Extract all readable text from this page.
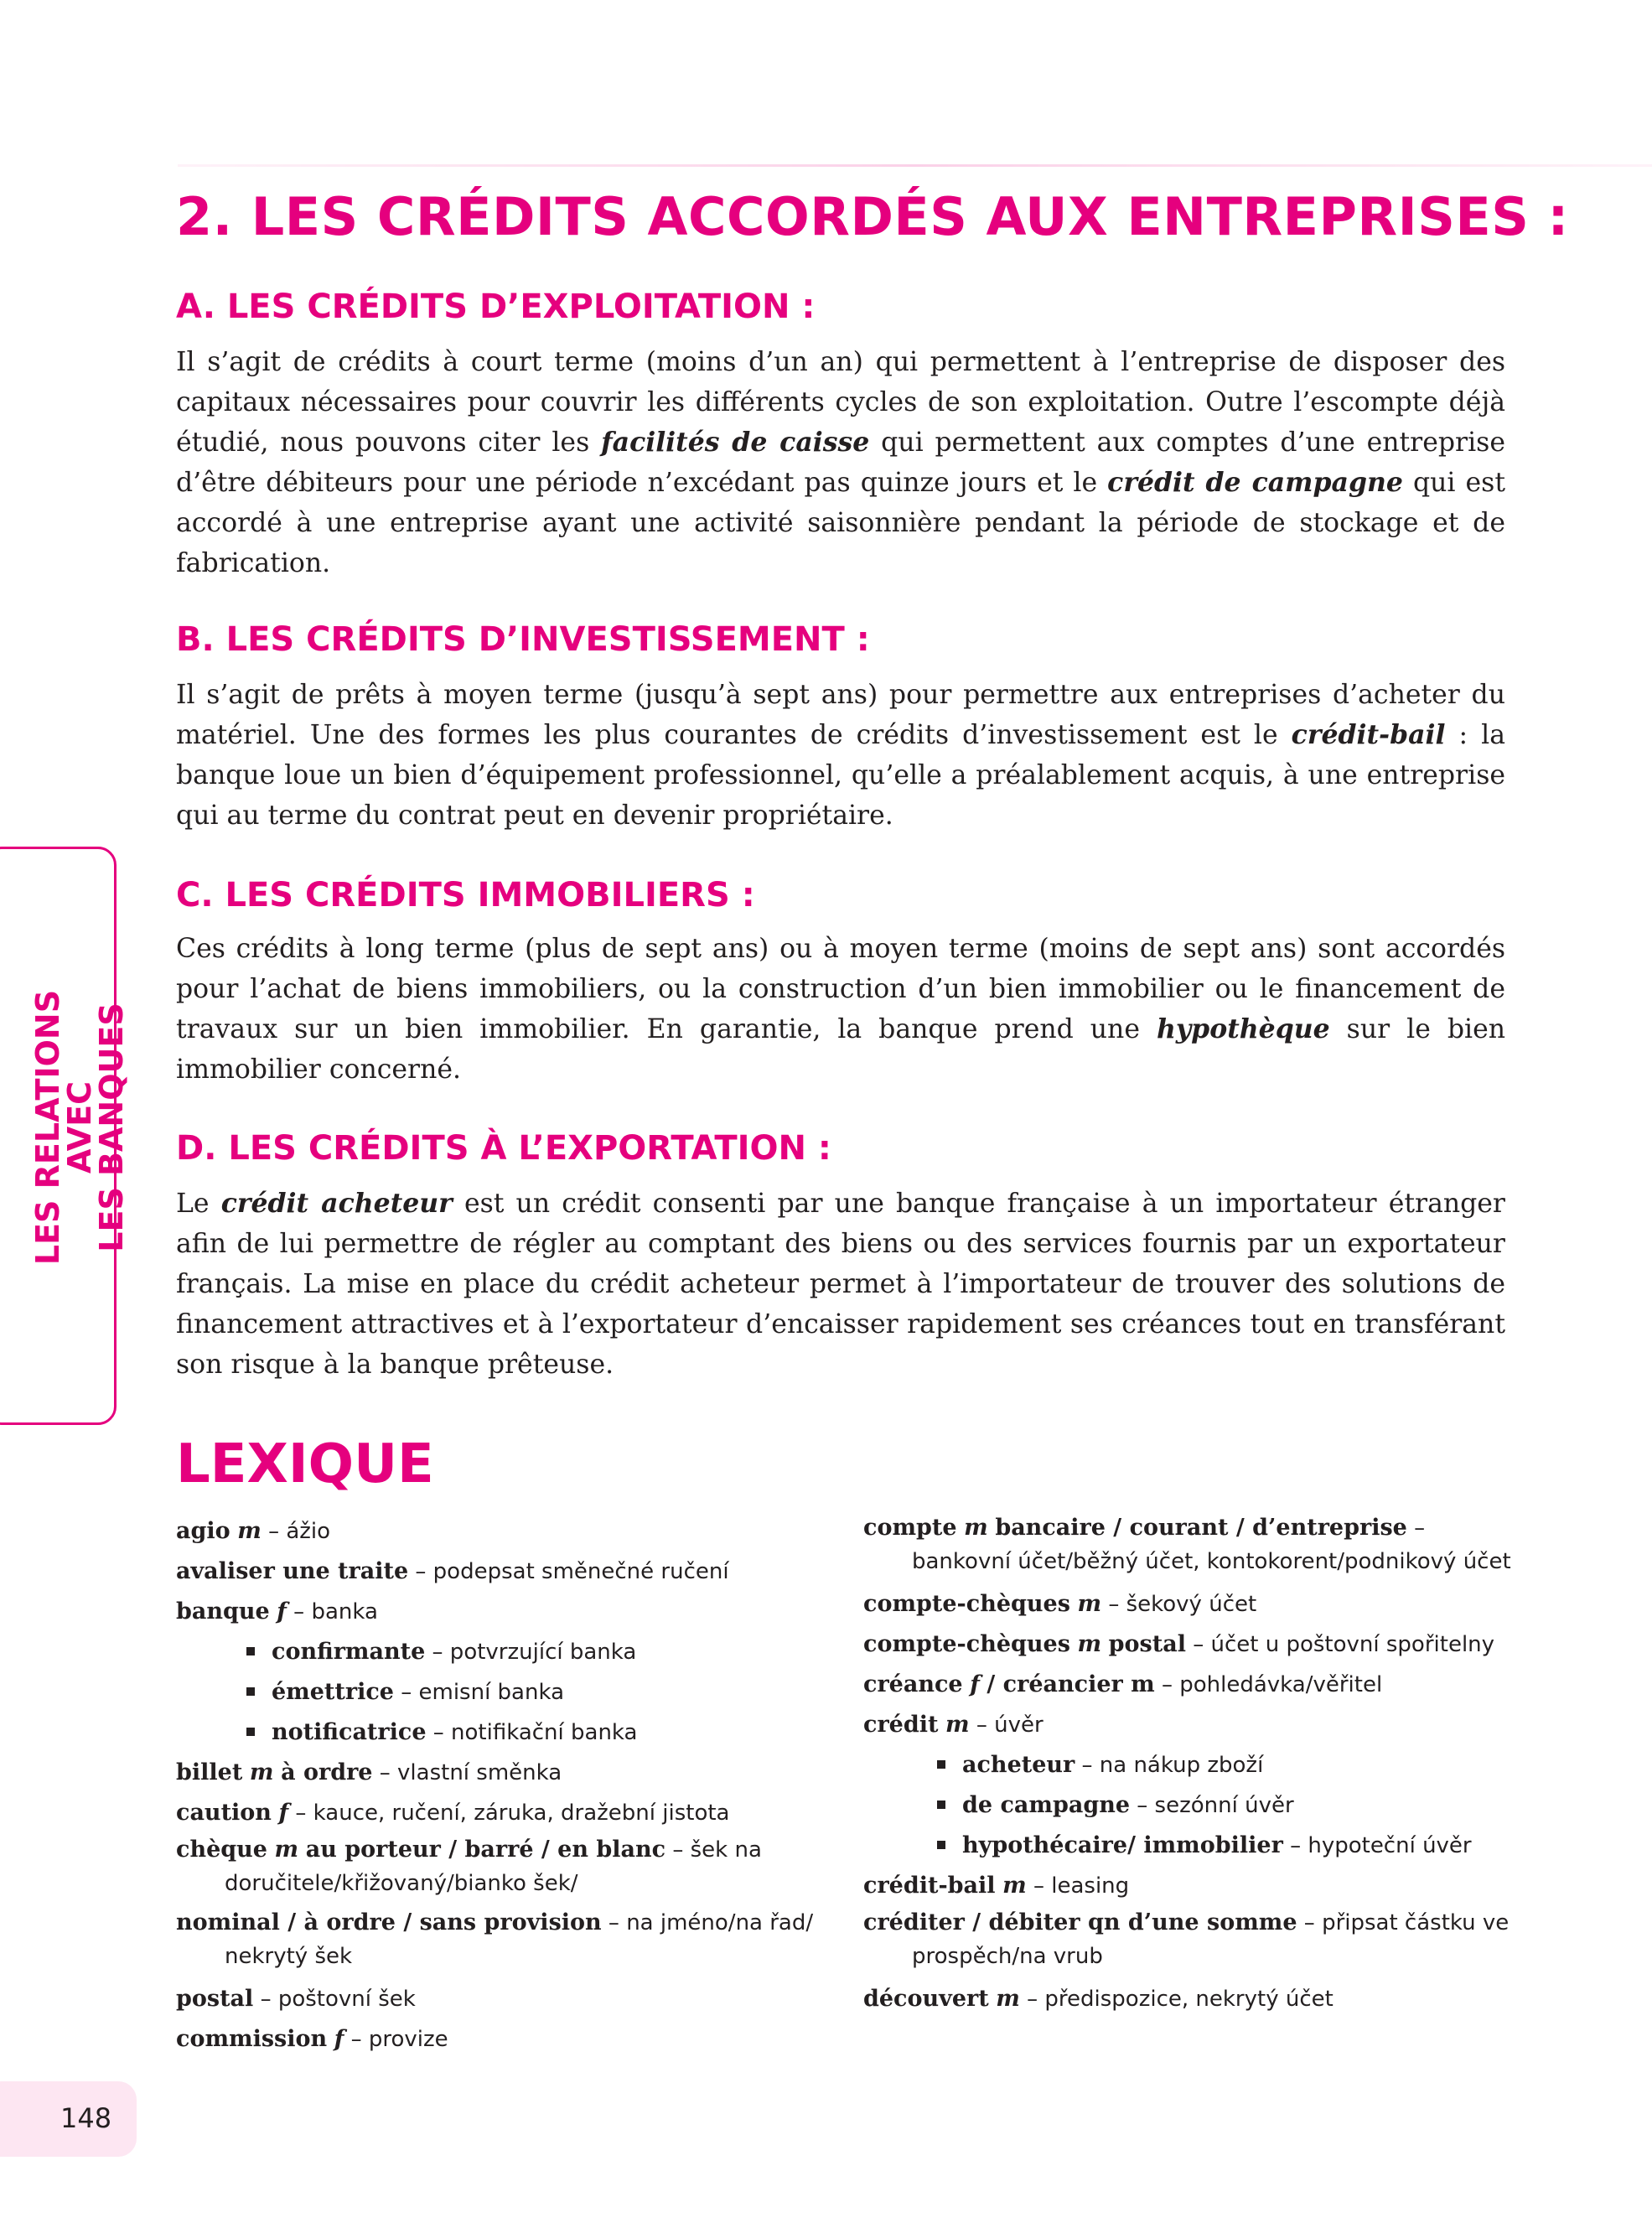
2. LES CRÉDITS ACCORDÉS AUX ENTREPRISES :
A. LES CRÉDITS D’EXPLOITATION :

Il s’agit de crédits à court terme (moins d’un an) qui permettent à l’entreprise de disposer des capitaux nécessaires pour couvrir les différents cycles de son exploitation. Outre l’escompte déjà étudié, nous pouvons citer les facilités de caisse qui permettent aux comptes d’une entreprise d’être débiteurs pour une période n’excédant pas quinze jours et le crédit de campagne qui est accordé à une entreprise ayant une activité saisonnière pendant la période de stockage et de fabrication.

B. LES CRÉDITS D’INVESTISSEMENT :

Il s’agit de prêts à moyen terme (jusqu’à sept ans) pour permettre aux entreprises d’acheter du matériel. Une des formes les plus courantes de crédits d’investissement est le crédit-bail : la banque loue un bien d’équipement professionnel, qu’elle a préalablement acquis, à une entreprise qui au terme du contrat peut en devenir propriétaire.

C. LES CRÉDITS IMMOBILIERS :

Ces crédits à long terme (plus de sept ans) ou à moyen terme (moins de sept ans) sont accordés pour l’achat de biens immobiliers, ou la construction d’un bien immobilier ou le financement de travaux sur un bien immobilier. En garantie, la banque prend une hypothèque sur le bien immobilier concerné.

D. LES CRÉDITS À L’EXPORTATION :

Le crédit acheteur est un crédit consenti par une banque française à un importateur étranger afin de lui permettre de régler au comptant des biens ou des services fournis par un exportateur français. La mise en place du crédit acheteur permet à l’importateur de trouver des solutions de financement attractives et à l’exportateur d’encaisser rapidement ses créances tout en transférant son risque à la banque prêteuse.

LES RELATIONS AVEC
LES BANQUES
LEXIQUE
agio m – ážio
avaliser une traite – podepsat směnečné ručení
banque f – banka
confirmante – potvrzující banka
émettrice – emisní banka
notificatrice – notifikační banka
billet m à ordre – vlastní směnka
caution f – kauce, ručení, záruka, dražební jistota
chèque m au porteur / barré / en blanc – šek na doručitele/křižovaný/bianko šek/
nominal / à ordre / sans provision – na jméno/na řad/ nekrytý šek
postal – poštovní šek
commission f – provize
compte m bancaire / courant / d’entreprise – bankovní účet/běžný účet, kontokorent/podnikový účet
compte-chèques m – šekový účet
compte-chèques m postal – účet u poštovní spořitelny
créance f / créancier m – pohledávka/věřitel
crédit m – úvěr
acheteur – na nákup zboží
de campagne – sezónní úvěr
hypothécaire/ immobilier – hypoteční úvěr
crédit-bail m – leasing
créditer / débiter qn d’une somme – připsat částku ve prospěch/na vrub
découvert m – předispozice, nekrytý účet
148
